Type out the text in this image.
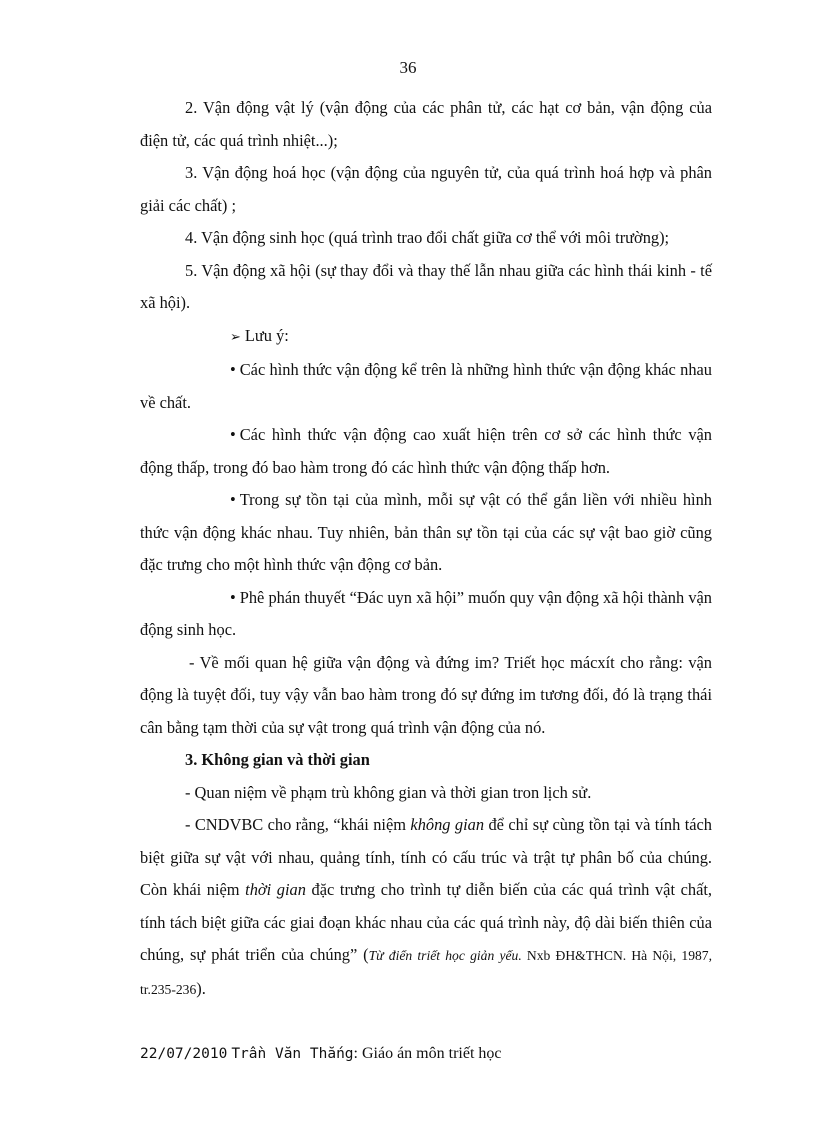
36

2. Vận động vật lý (vận động của các phân tử, các hạt cơ bản, vận động của điện tử, các quá trình nhiệt...);

3. Vận động hoá học (vận động của nguyên tử, của quá trình hoá hợp và phân giải các chất) ;

4. Vận động sinh học (quá trình trao đổi chất giữa cơ thể với môi trường);

5. Vận động xã hội (sự thay đổi và thay thế lẫn nhau giữa các hình thái kinh - tế xã hội).

➢ Lưu ý:

• Các hình thức vận động kể trên là những hình thức vận động khác nhau về chất.

• Các hình thức vận động cao xuất hiện trên cơ sở các hình thức vận động thấp, trong đó bao hàm trong đó các hình thức vận động thấp hơn.

• Trong sự tồn tại của mình, mỗi sự vật có thể gắn liền với nhiều hình thức vận động khác nhau. Tuy nhiên, bản thân sự tồn tại của các sự vật bao giờ cũng đặc trưng cho một hình thức vận động cơ bản.

• Phê phán thuyết “Đác uyn xã hội” muốn quy vận động xã hội thành vận động sinh học.

- Về mối quan hệ giữa vận động và đứng im? Triết học mácxít cho rằng: vận động là tuyệt đối, tuy vậy vẫn bao hàm trong đó sự đứng im tương đối, đó là trạng thái cân bằng tạm thời của sự vật trong quá trình vận động của nó.

3. Không gian và thời gian

- Quan niệm về phạm trù không gian và thời gian tron lịch sử.

- CNDVBC cho rằng, “khái niệm không gian để chỉ sự cùng tồn tại và tính tách biệt giữa sự vật với nhau, quảng tính, tính có cấu trúc và trật tự phân bố của chúng. Còn khái niệm thời gian đặc trưng cho trình tự diễn biến của các quá trình vật chất, tính tách biệt giữa các giai đoạn khác nhau của các quá trình này, độ dài biến thiên của chúng, sự phát triển của chúng” (Từ điển triết học giản yếu. Nxb ĐH&THCN. Hà Nội, 1987, tr.235-236).

22/07/2010 Trần Văn Thắng: Giáo án môn triết học
